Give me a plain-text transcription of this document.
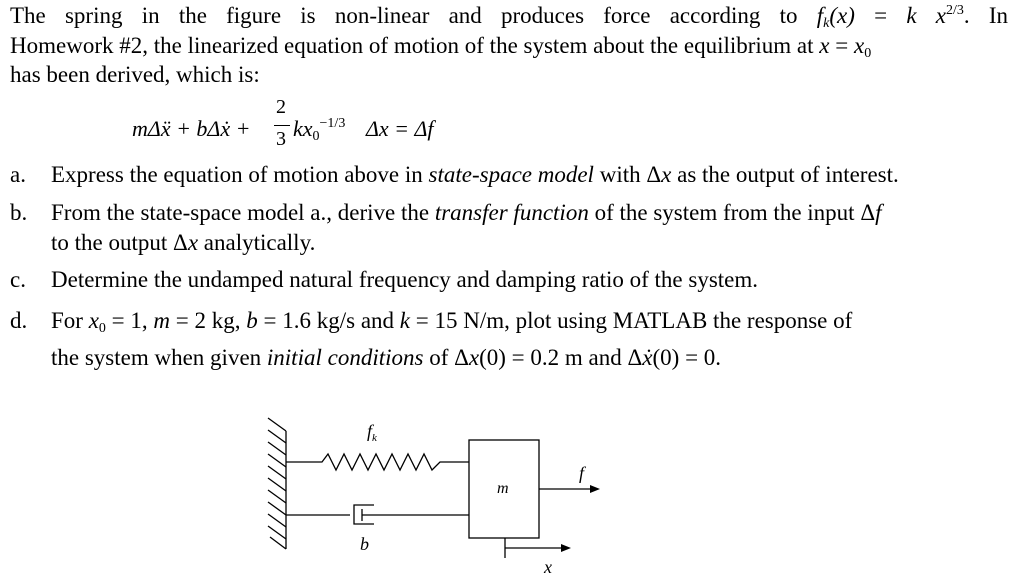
The spring in the figure is non-linear and produces force according to $f_k(x) = k$ $x^{2/3}$. In
Homework #2, the linearized equation of motion of the system about the equilibrium at $x = x_0$
has been derived, which is:
mΔẍ + bΔẋ +
2
3 $kx_0^{-1/3}$ Δx = Δf
a. Express the equation of motion above in state-space model with Δx as the output of interest.
b. From the state-space model a., derive the transfer function of the system from the input Δf
to the output Δx analytically.
c. Determine the undamped natural frequency and damping ratio of the system.
d. For $x_0 = 1$, m = 2 kg, b = 1.6 kg/s and k = 15 N/m, plot using MATLAB the response of
the system when given initial conditions of Δx(0) = 0.2 m and Δẋ(0) = 0.
$f_k$
m
f
b
x
